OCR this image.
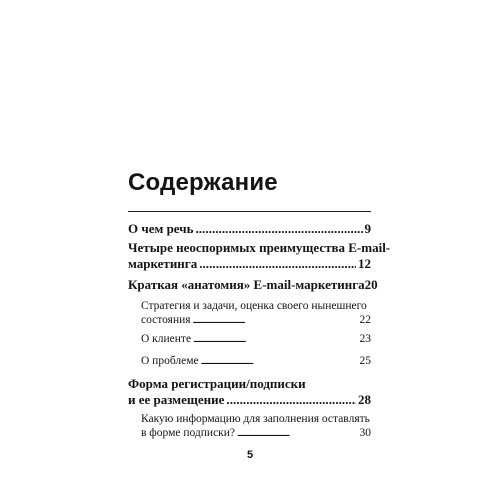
Содержание
О чем речь . . .	9
Четыре неоспоримых преимущества E-mail-
маркетинга . . .	12
Краткая «анатомия» E-mail-маркетинга 20
Стратегия и задачи, оценка своего нынешнего
состояния . . .	22
О клиенте . . .	23
О проблеме . . .	25
Форма регистрации/подписки
и ее размещение . . .	28
Какую информацию для заполнения оставлять
в форме подписки? . . .	30
5
